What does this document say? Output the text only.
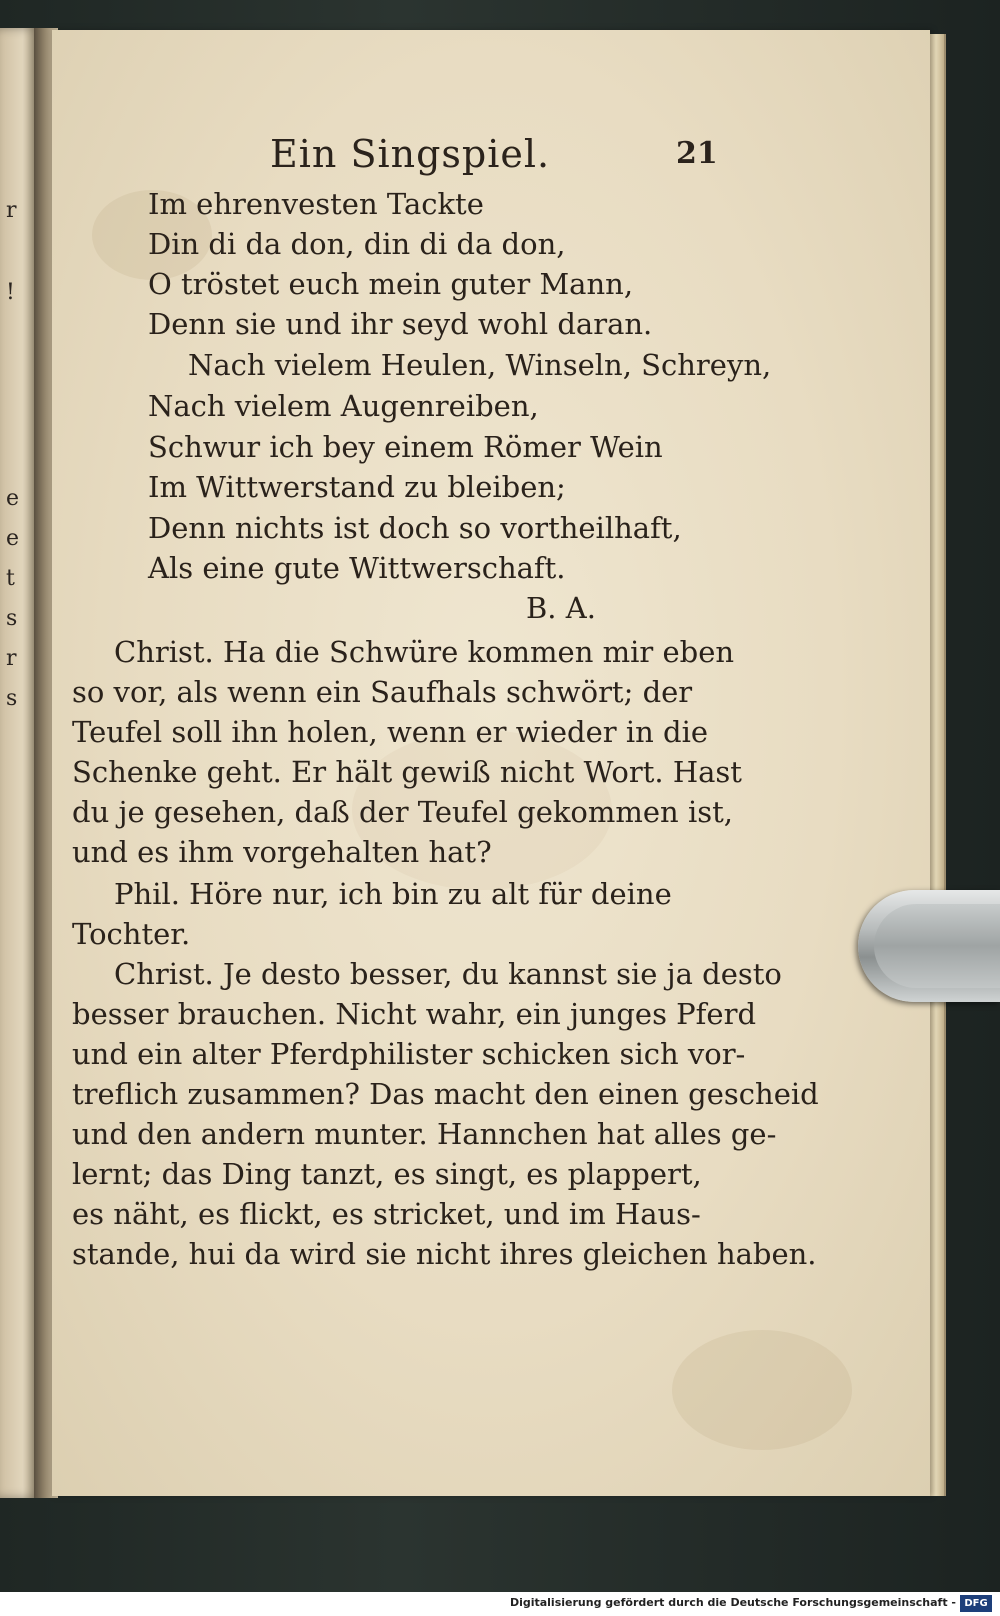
r
!
e
e
t
s
r
s
Ein Singspiel.	21
Im ehrenvesten Tackte
Din di da don, din di da don,
O tröstet euch mein guter Mann,
Denn sie und ihr seyd wohl daran.
Nach vielem Heulen, Winseln, Schreyn,
Nach vielem Augenreiben,
Schwur ich bey einem Römer Wein
Im Wittwerstand zu bleiben;
Denn nichts ist doch so vortheilhaft,
Als eine gute Wittwerschaft.
B. A.
Christ. Ha die Schwüre kommen mir eben
so vor, als wenn ein Saufhals schwört; der
Teufel soll ihn holen, wenn er wieder in die
Schenke geht. Er hält gewiß nicht Wort. Hast
du je gesehen, daß der Teufel gekommen ist,
und es ihm vorgehalten hat?
Phil. Höre nur, ich bin zu alt für deine
Tochter.
Christ. Je desto besser, du kannst sie ja desto
besser brauchen. Nicht wahr, ein junges Pferd
und ein alter Pferdphilister schicken sich vor-
treflich zusammen? Das macht den einen gescheid
und den andern munter. Hannchen hat alles ge-
lernt; das Ding tanzt, es singt, es plappert,
es näht, es flickt, es stricket, und im Haus-
stande, hui da wird sie nicht ihres gleichen haben.
Digitalisierung gefördert durch die Deutsche Forschungsgemeinschaft - DFG
